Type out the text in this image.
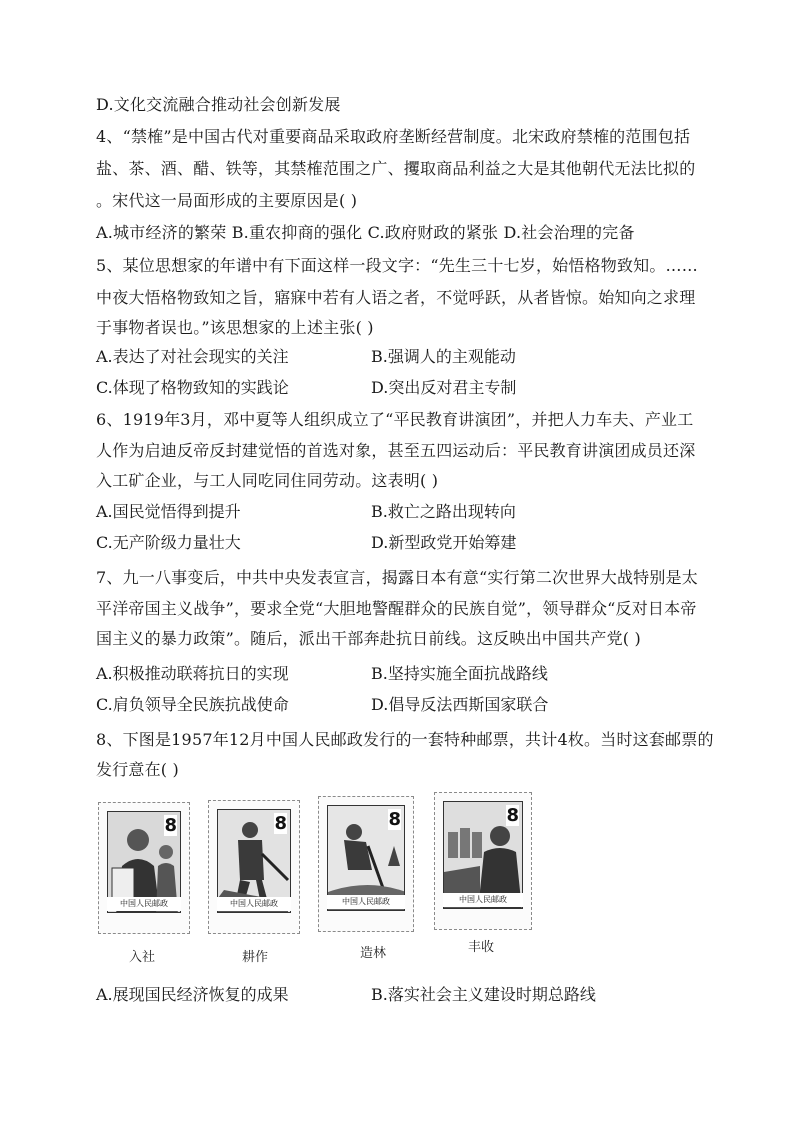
D.文化交流融合推动社会创新发展
4、“禁榷”是中国古代对重要商品采取政府垄断经营制度。北宋政府禁榷的范围包括
盐、茶、酒、醋、铁等，其禁榷范围之广、攫取商品利益之大是其他朝代无法比拟的
。宋代这一局面形成的主要原因是( )
A.城市经济的繁荣 B.重农抑商的强化 C.政府财政的紧张 D.社会治理的完备
5、某位思想家的年谱中有下面这样一段文字：“先生三十七岁，始悟格物致知。……
中夜大悟格物致知之旨，寤寐中若有人语之者，不觉呼跃，从者皆惊。始知向之求理
于事物者误也。”该思想家的上述主张( )
A.表达了对社会现实的关注	B.强调人的主观能动
C.体现了格物致知的实践论	D.突出反对君主专制
6、1919年3月，邓中夏等人组织成立了“平民教育讲演团”，并把人力车夫、产业工
人作为启迪反帝反封建觉悟的首选对象，甚至五四运动后：平民教育讲演团成员还深
入工矿企业，与工人同吃同住同劳动。这表明( )
A.国民觉悟得到提升	B.救亡之路出现转向
C.无产阶级力量壮大	D.新型政党开始筹建
7、九一八事变后，中共中央发表宣言，揭露日本有意“实行第二次世界大战特别是太
平洋帝国主义战争”，要求全党“大胆地警醒群众的民族自觉”，领导群众“反对日本帝
国主义的暴力政策”。随后，派出干部奔赴抗日前线。这反映出中国共产党( )
A.积极推动联蒋抗日的实现	B.坚持实施全面抗战路线
C.肩负领导全民族抗战使命	D.倡导反法西斯国家联合
8、下图是1957年12月中国人民邮政发行的一套特种邮票，共计4枚。当时这套邮票的
发行意在( )
8
中国人民邮政
8
中国人民邮政
8
中国人民邮政
8
中国人民邮政
入社	耕作	造林	丰收
A.展现国民经济恢复的成果	B.落实社会主义建设时期总路线
